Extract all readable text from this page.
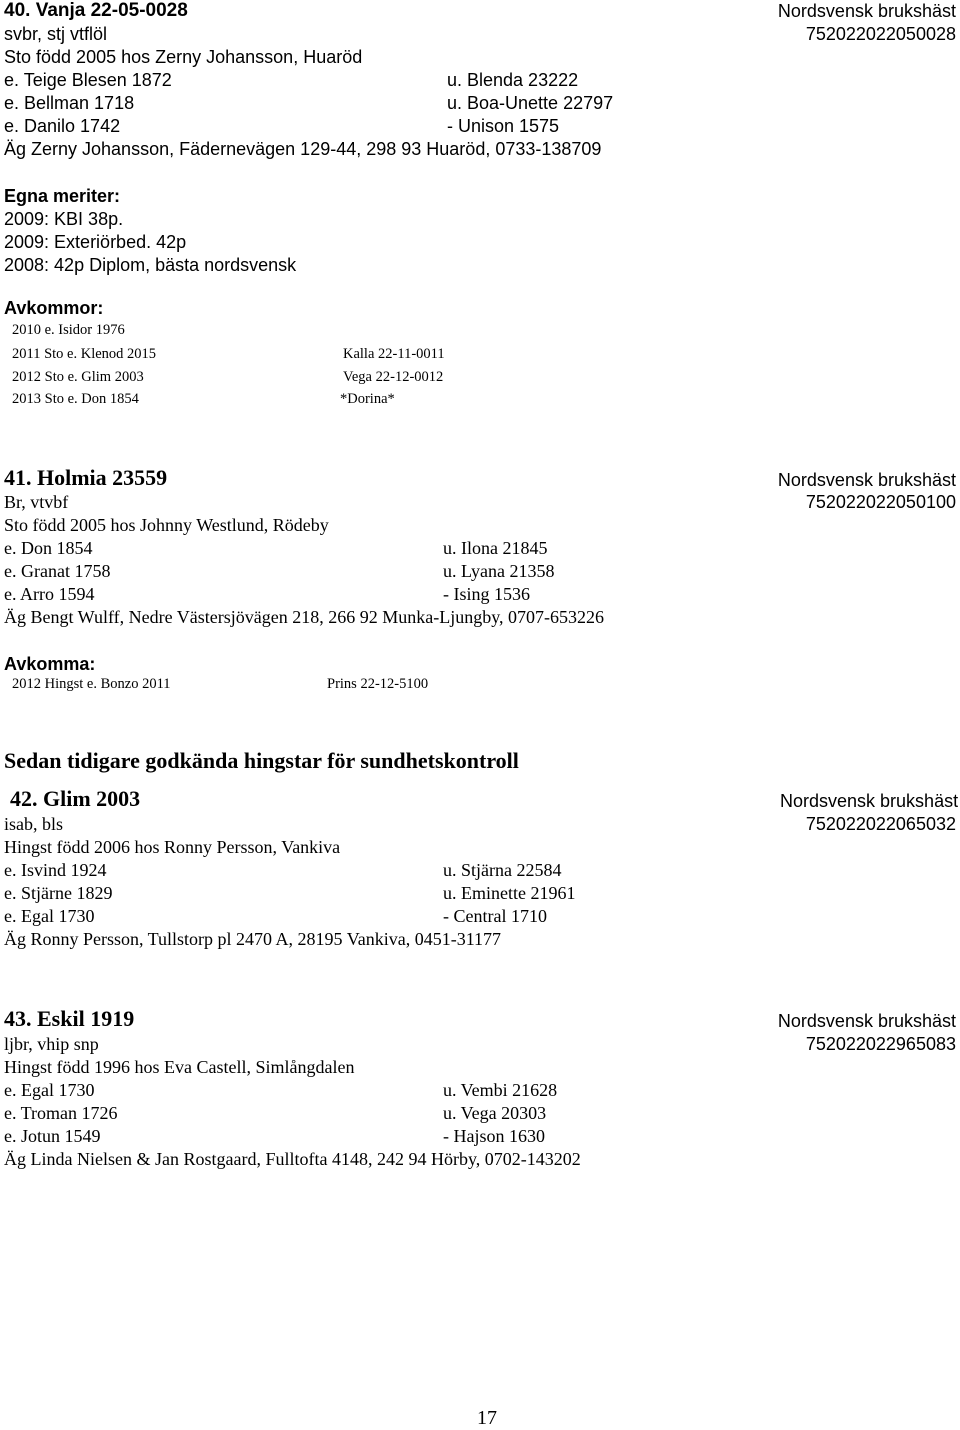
40. Vanja 22-05-0028	Nordsvensk brukshäst
svbr, stj vtflöl	752022022050028
Sto född 2005 hos Zerny Johansson, Huaröd
e. Teige Blesen 1872	u. Blenda 23222
e. Bellman 1718	u. Boa-Unette 22797
e. Danilo 1742	- Unison 1575
Äg Zerny Johansson, Fädernevägen 129-44, 298 93 Huaröd, 0733-138709
Egna meriter:
2009: KBI 38p.
2009: Exteriörbed. 42p
2008: 42p Diplom, bästa nordsvensk
Avkommor:
2010 e. Isidor 1976
2011 Sto e. Klenod 2015	Kalla 22-11-0011
2012 Sto e. Glim 2003	Vega 22-12-0012
2013 Sto e. Don 1854	*Dorina*
41. Holmia 23559	Nordsvensk brukshäst
Br, vtvbf	752022022050100
Sto född 2005 hos Johnny Westlund, Rödeby
e. Don 1854	u. Ilona 21845
e. Granat 1758	u. Lyana 21358
e. Arro 1594	- Ising 1536
Äg Bengt Wulff, Nedre Västersjövägen 218, 266 92 Munka-Ljungby, 0707-653226
Avkomma:
2012 Hingst e. Bonzo 2011	Prins 22-12-5100
Sedan tidigare godkända hingstar för sundhetskontroll
42. Glim 2003	Nordsvensk brukshäst
isab, bls	752022022065032
Hingst född 2006 hos Ronny Persson, Vankiva
e. Isvind 1924	u. Stjärna 22584
e. Stjärne 1829	u. Eminette 21961
e. Egal 1730	- Central 1710
Äg Ronny Persson, Tullstorp pl 2470 A, 28195 Vankiva, 0451-31177
43. Eskil 1919	Nordsvensk brukshäst
ljbr, vhip snp	752022022965083
Hingst född 1996 hos Eva Castell, Simlångdalen
e. Egal 1730	u. Vembi 21628
e. Troman 1726	u. Vega 20303
e. Jotun 1549	- Hajson 1630
Äg Linda Nielsen & Jan Rostgaard, Fulltofta 4148, 242 94 Hörby, 0702-143202
17
